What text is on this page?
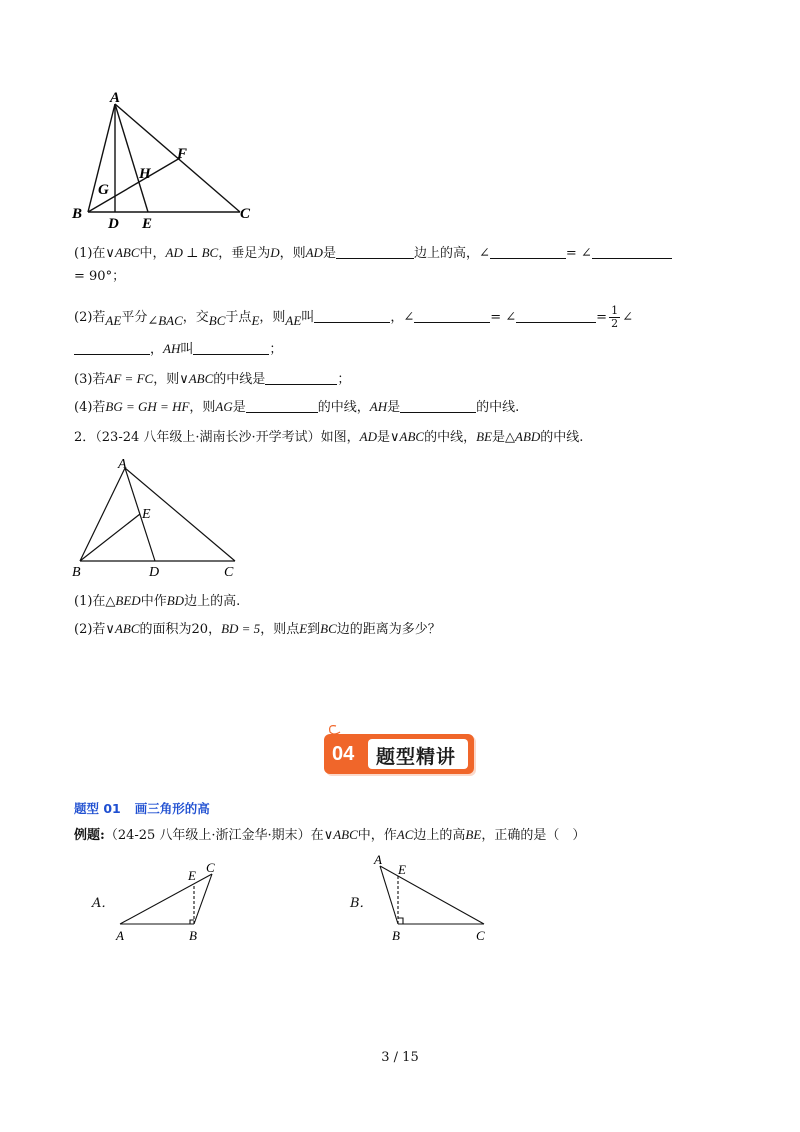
A
B	C
D E
F
G
H
(1)在∨ABC中，AD ⊥ BC，垂足为D，则AD是	边上的高，∠	= ∠
= 90°；
(2)若AE平分∠BAC，交BC于点E，则AE叫	，∠	= ∠	= $\frac{1}{2}$ ∠
，AH叫	；
(3)若AF = FC，则∨ABC的中线是	；
(4)若BG = GH = HF，则AG是	的中线，AH是	的中线.
2．（23-24 八年级上·湖南长沙·开学考试）如图，AD是∨ABC的中线，BE是△ABD的中线.
A
B	C
D
E
(1)在△BED中作BD边上的高.
(2)若∨ABC的面积为20，BD = 5，则点E到BC边的距离为多少？
04 题型精讲
题型 01 画三角形的高
例题:（24-25 八年级上·浙江金华·期末）在∨ABC中，作AC边上的高BE，正确的是（　）
A．
A	B
C
E
B．
A
B	C
E
3 / 15
